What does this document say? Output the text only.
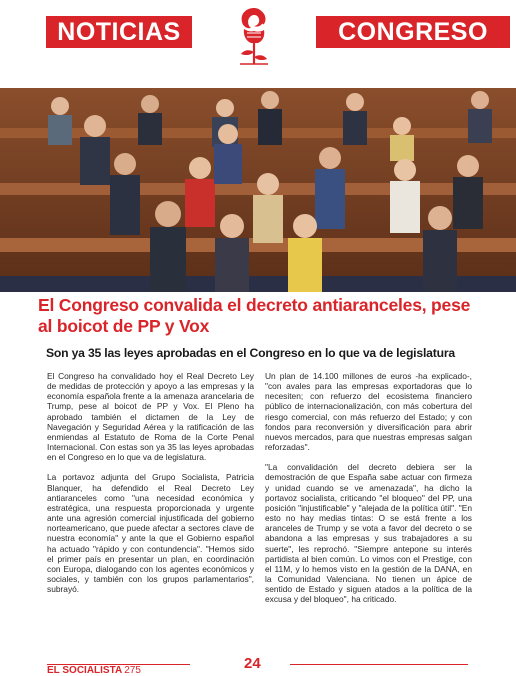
NOTICIAS	CONGRESO
El Congreso convalida el decreto antiaranceles, pese al boicot de PP y Vox
Son ya 35 las leyes aprobadas en el Congreso en lo que va de legislatura

El Congreso ha convalidado hoy el Real Decreto Ley de medidas de protección y apoyo a las empresas y la economía española frente a la amenaza arancelaria de Trump, pese al boicot de PP y Vox. El Pleno ha aprobado también el dictamen de la Ley de Navegación y Seguridad Aérea y la ratificación de las enmiendas al Estatuto de Roma de la Corte Penal Internacional. Con estas son ya 35 las leyes aprobadas en el Congreso en lo que va de legislatura.

La portavoz adjunta del Grupo Socialista, Patricia Blanquer, ha defendido el Real Decreto Ley antiaranceles como "una necesidad económica y estratégica, una respuesta proporcionada y urgente ante una agresión comercial injustificada del gobierno norteamericano, que puede afectar a sectores clave de nuestra economía" y ante la que el Gobierno español ha actuado "rápido y con contundencia". "Hemos sido el primer país en presentar un plan, en coordinación con Europa, dialogando con los agentes económicos y sociales, y también con los grupos parlamentarios", subrayó.

Un plan de 14.100 millones de euros -ha explicado-, "con avales para las empresas exportadoras que lo necesiten; con refuerzo del ecosistema financiero público de internacionalización, con más cobertura del riesgo comercial, con más refuerzo del Estado; y con fondos para reconversión y diversificación para abrir nuevos mercados, para que nuestras empresas salgan reforzadas".

"La convalidación del decreto debiera ser la demostración de que España sabe actuar con firmeza y unidad cuando se ve amenazada", ha dicho la portavoz socialista, criticando "el bloqueo" del PP, una posición "injustificable" y "alejada de la política útil". "En esto no hay medias tintas: O se está frente a los aranceles de Trump y se vota a favor del decreto o se abandona a las empresas y sus trabajadores a su suerte", les reprochó. "Siempre antepone su interés partidista al bien común. Lo vimos con el Prestige, con el 11M, y lo hemos visto en la gestión de la DANA, en la Comunidad Valenciana. No tienen un ápice de sentido de Estado y siguen atados a la política de la excusa y del bloqueo", ha criticado.

EL SOCIALISTA 275	24
